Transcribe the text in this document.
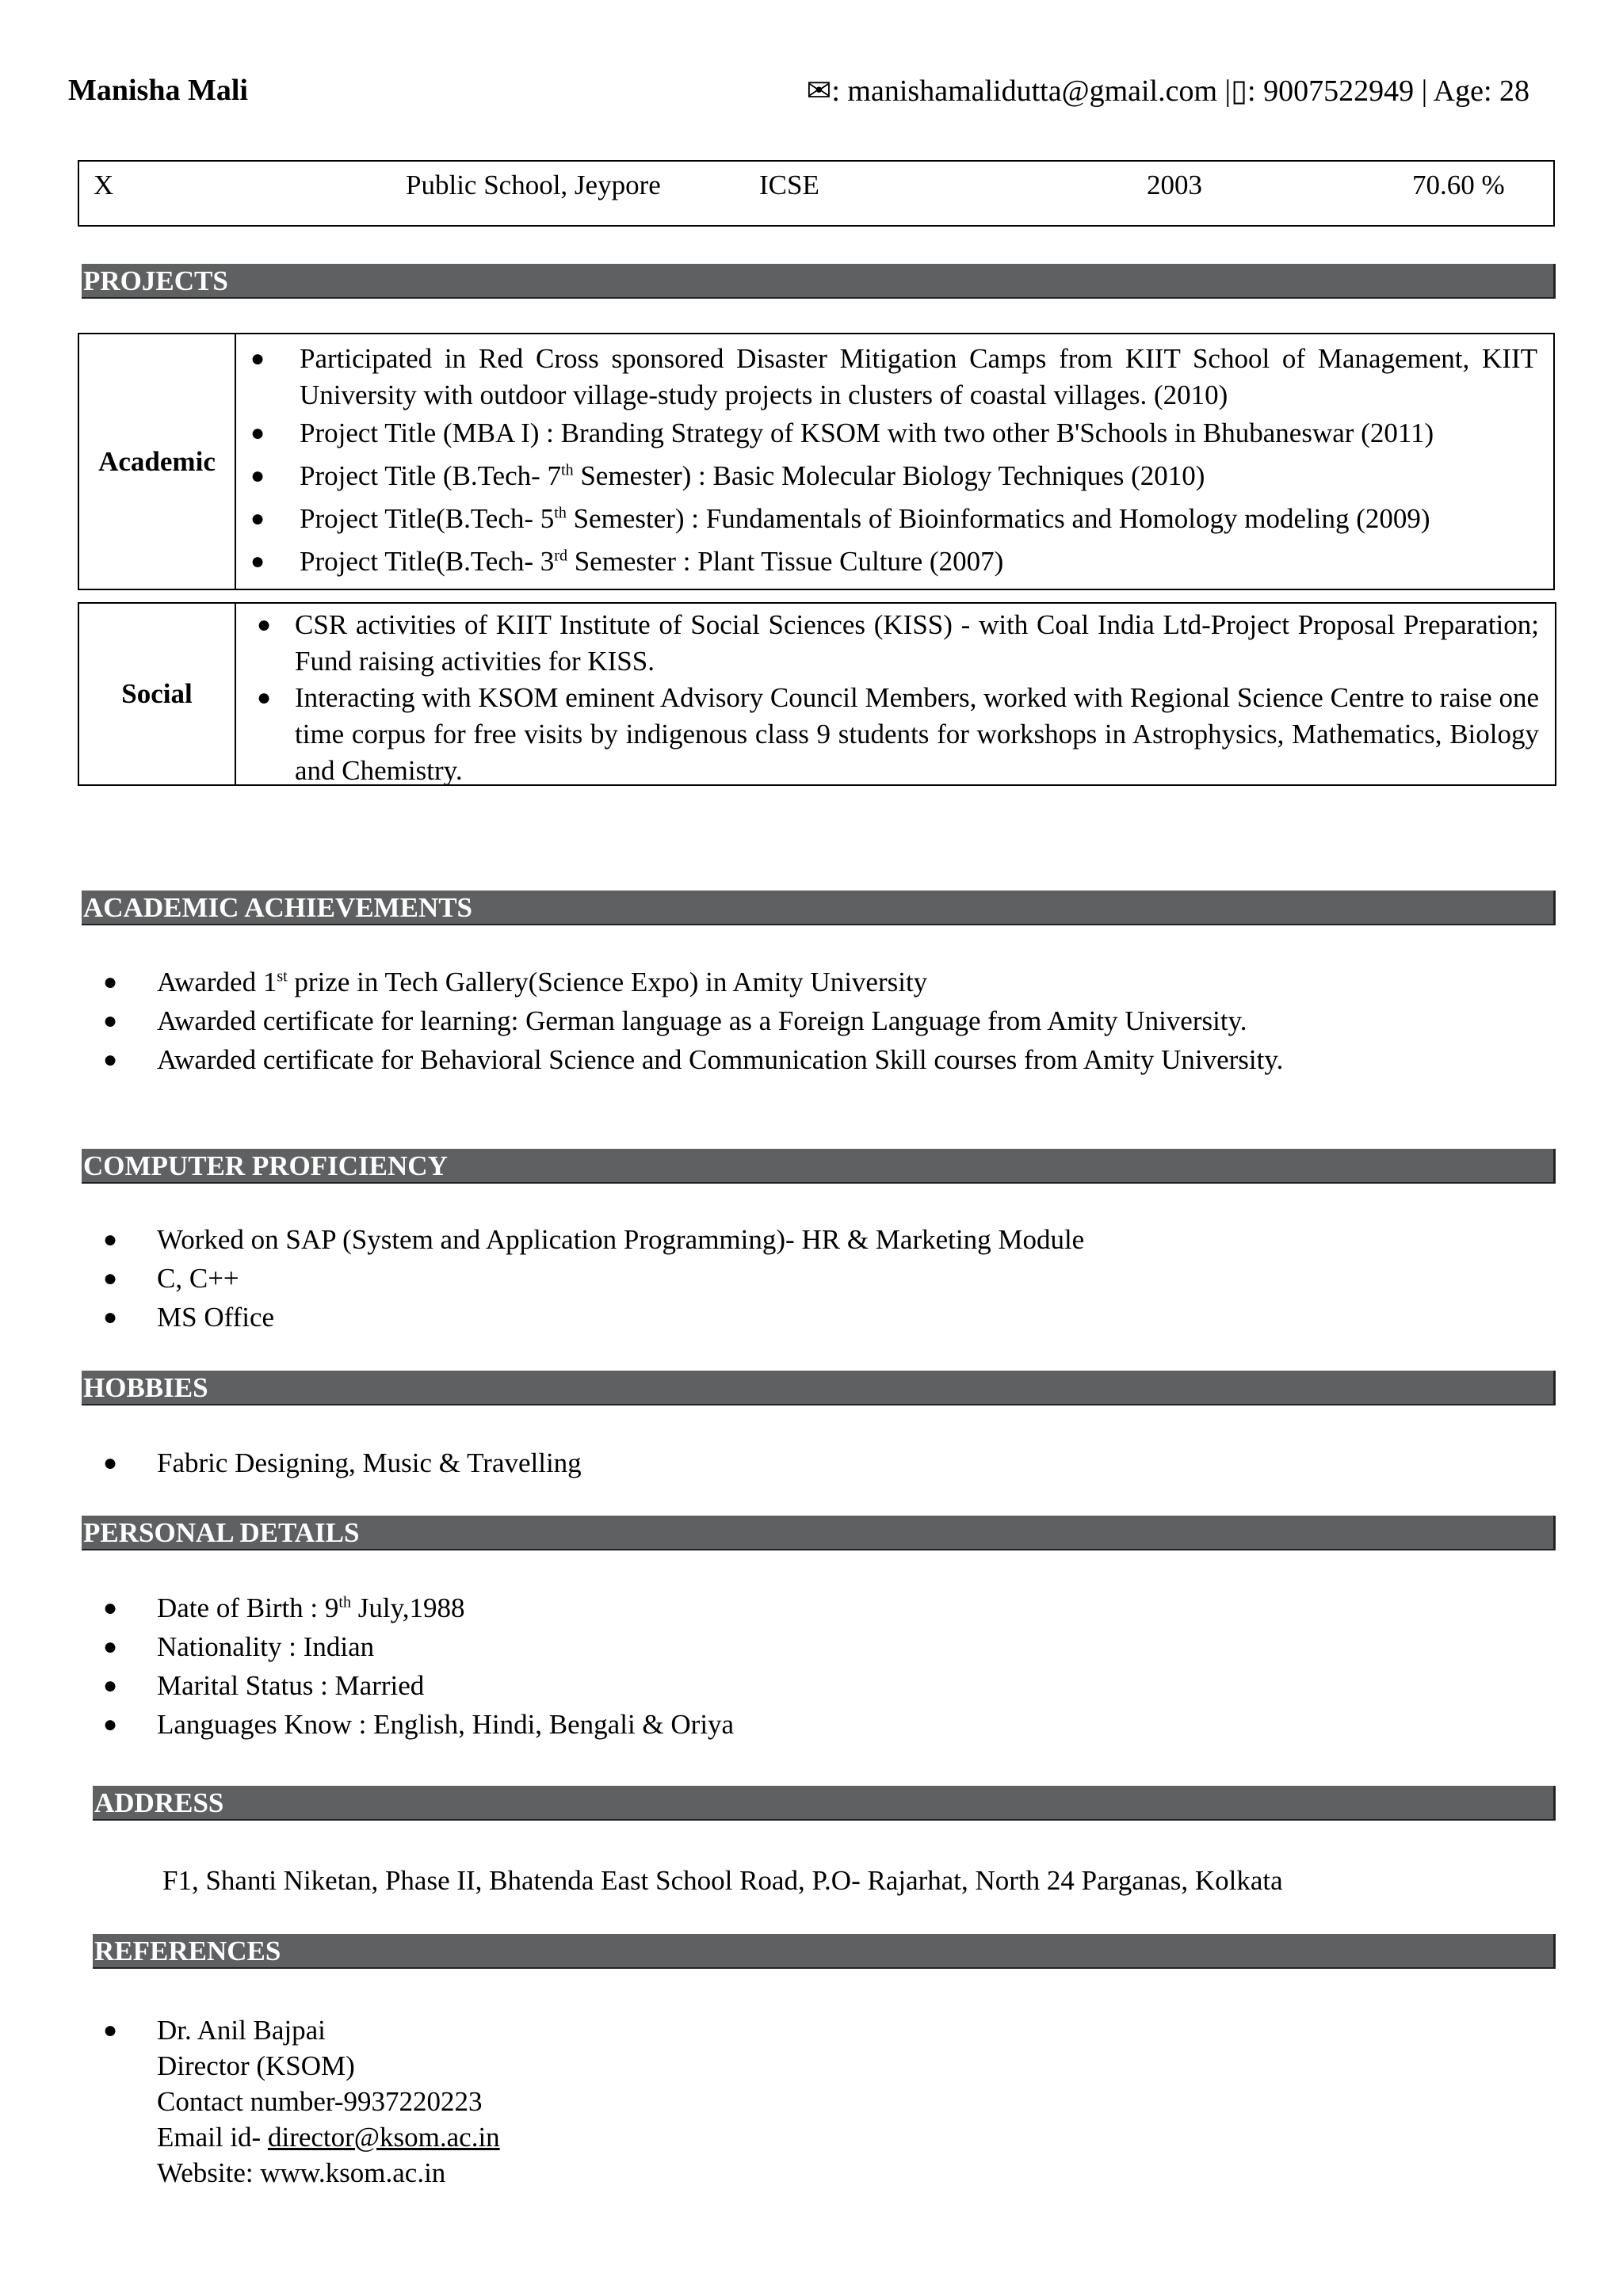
Manisha Mali	✉: manishamalidutta@gmail.com |▯: 9007522949 | Age: 28
X	Public School, Jeypore	ICSE	2003	70.60 %
PROJECTS
Academic
● Participated in Red Cross sponsored Disaster Mitigation Camps from KIIT School of Management, KIIT University with outdoor village-study projects in clusters of coastal villages. (2010)
● Project Title (MBA I) : Branding Strategy of KSOM with two other B'Schools in Bhubaneswar (2011)
● Project Title (B.Tech- 7th Semester) : Basic Molecular Biology Techniques (2010)
● Project Title(B.Tech- 5th Semester) : Fundamentals of Bioinformatics and Homology modeling (2009)
● Project Title(B.Tech- 3rd Semester : Plant Tissue Culture (2007)
Social
● CSR activities of KIIT Institute of Social Sciences (KISS) - with Coal India Ltd-Project Proposal Preparation; Fund raising activities for KISS.
● Interacting with KSOM eminent Advisory Council Members, worked with Regional Science Centre to raise one time corpus for free visits by indigenous class 9 students for workshops in Astrophysics, Mathematics, Biology and Chemistry.
ACADEMIC ACHIEVEMENTS
● Awarded 1st prize in Tech Gallery(Science Expo) in Amity University
● Awarded certificate for learning: German language as a Foreign Language from Amity University.
● Awarded certificate for Behavioral Science and Communication Skill courses from Amity University.
COMPUTER PROFICIENCY
● Worked on SAP (System and Application Programming)- HR & Marketing Module
● C, C++
● MS Office
HOBBIES
● Fabric Designing, Music & Travelling
PERSONAL DETAILS
● Date of Birth : 9th July,1988
● Nationality : Indian
● Marital Status : Married
● Languages Know : English, Hindi, Bengali & Oriya
ADDRESS
F1, Shanti Niketan, Phase II, Bhatenda East School Road, P.O- Rajarhat, North 24 Parganas, Kolkata
REFERENCES
● Dr. Anil Bajpai
Director (KSOM)
Contact number-9937220223
Email id- director@ksom.ac.in
Website: www.ksom.ac.in
